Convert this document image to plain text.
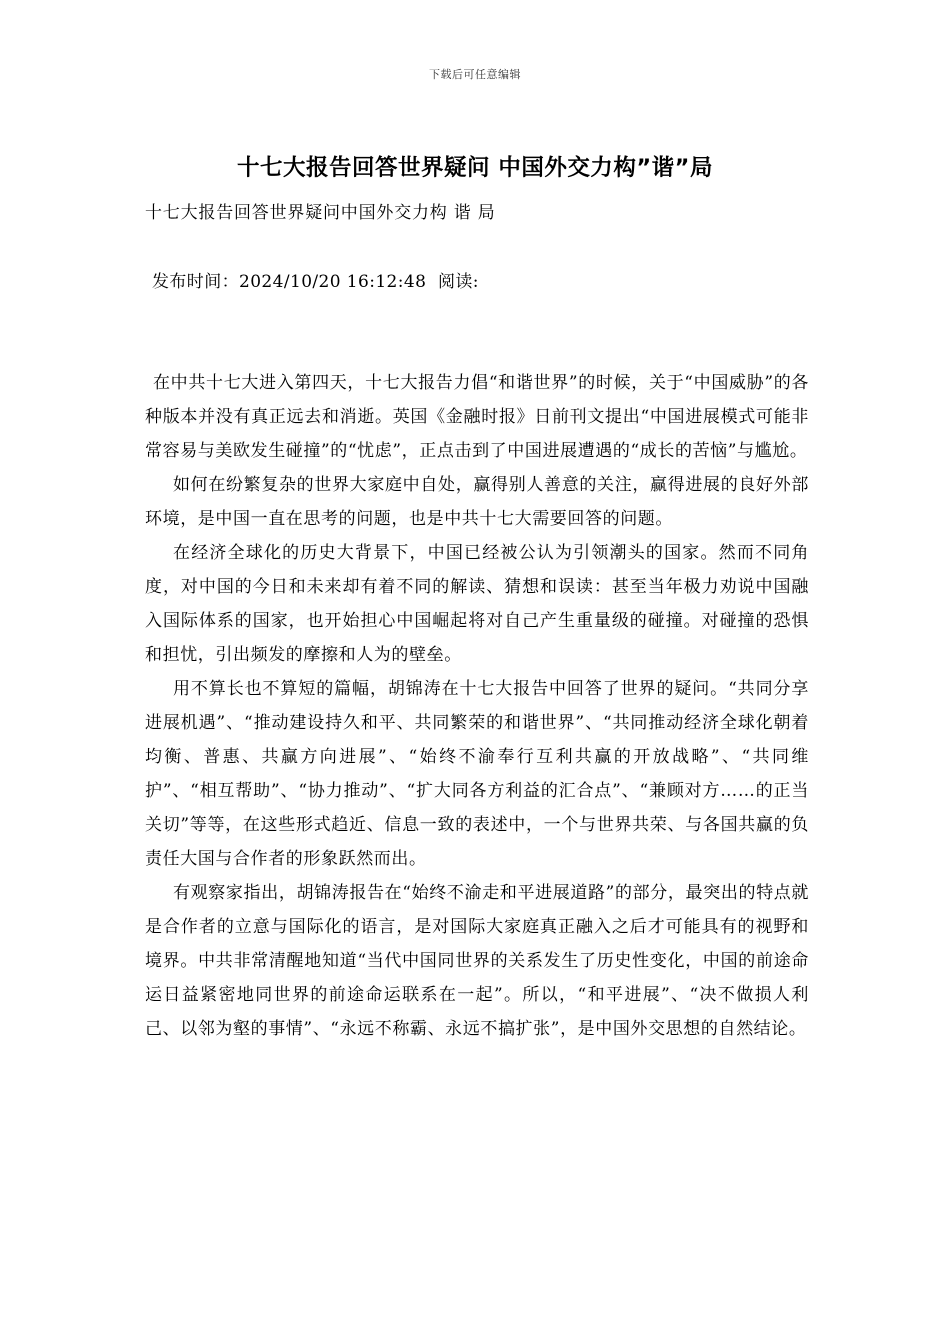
下载后可任意编辑
十七大报告回答世界疑问 中国外交力构”谐”局
十七大报告回答世界疑问中国外交力构 谐 局
发布时间：2024/10/20 16:12:48 阅读:

在中共十七大进入第四天，十七大报告力倡“和谐世界”的时候，关于“中国威胁”的各种版本并没有真正远去和消逝。英国《金融时报》日前刊文提出“中国进展模式可能非常容易与美欧发生碰撞”的“忧虑”，正点击到了中国进展遭遇的“成长的苦恼”与尴尬。

如何在纷繁复杂的世界大家庭中自处，赢得别人善意的关注，赢得进展的良好外部环境，是中国一直在思考的问题，也是中共十七大需要回答的问题。

在经济全球化的历史大背景下，中国已经被公认为引领潮头的国家。然而不同角度，对中国的今日和未来却有着不同的解读、猜想和误读：甚至当年极力劝说中国融入国际体系的国家，也开始担心中国崛起将对自己产生重量级的碰撞。对碰撞的恐惧和担忧，引出频发的摩擦和人为的壁垒。

用不算长也不算短的篇幅，胡锦涛在十七大报告中回答了世界的疑问。“共同分享进展机遇”、“推动建设持久和平、共同繁荣的和谐世界”、“共同推动经济全球化朝着均衡、普惠、共赢方向进展”、“始终不渝奉行互利共赢的开放战略”、“共同维护”、“相互帮助”、“协力推动”、“扩大同各方利益的汇合点”、“兼顾对方……的正当关切”等等，在这些形式趋近、信息一致的表述中，一个与世界共荣、与各国共赢的负责任大国与合作者的形象跃然而出。

有观察家指出，胡锦涛报告在“始终不渝走和平进展道路”的部分，最突出的特点就是合作者的立意与国际化的语言，是对国际大家庭真正融入之后才可能具有的视野和境界。中共非常清醒地知道“当代中国同世界的关系发生了历史性变化，中国的前途命运日益紧密地同世界的前途命运联系在一起”。所以，“和平进展”、“决不做损人利己、以邻为壑的事情”、“永远不称霸、永远不搞扩张”，是中国外交思想的自然结论。
